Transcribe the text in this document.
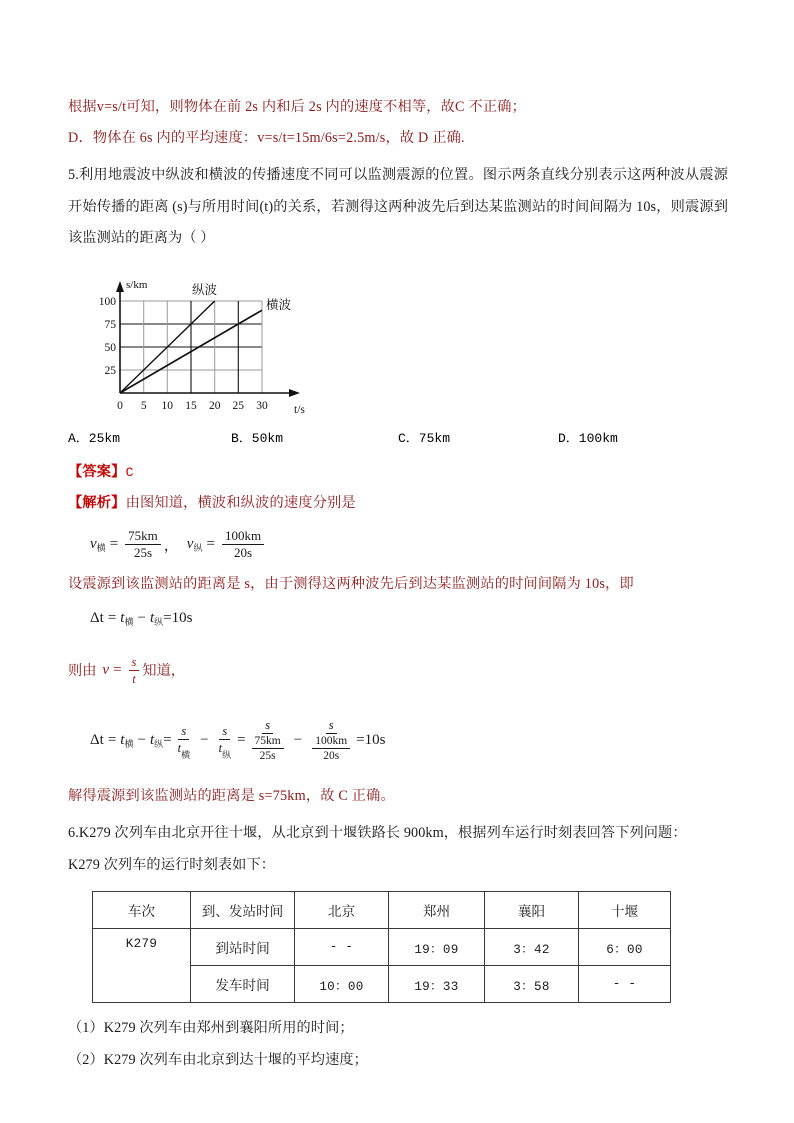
根据v=s/t可知，则物体在前 2s 内和后 2s 内的速度不相等，故C 不正确；
D．物体在 6s 内的平均速度：v=s/t=15m/6s=2.5m/s，故 D 正确.
5.利用地震波中纵波和横波的传播速度不同可以监测震源的位置。图示两条直线分别表示这两种波从震源开始传播的距离 (s)与所用时间(t)的关系，若测得这两种波先后到达某监测站的时间间隔为 10s，则震源到该监测站的距离为（ ）
100
75
50
25
0 5 10 15 20 25 30
s/km
t/s
纵波
横波
A．25km	B．50km	C．75km	D．100km
【答案】C
【解析】由图知道，横波和纵波的速度分别是
v 横 = $\frac{75km}{25s}$ ， v 纵 = $\frac{100km}{20s}$
设震源到该监测站的距离是 s，由于测得这两种波先后到达某监测站的时间间隔为 10s，即
Δt = t 横 − t 纵 =10s
则由 $v = \frac{s}{t}$ 知道，
Δt = t 横 − t 纵 = $\frac{s}{t_横} - \frac{s}{t_纵} = \frac{s}{\frac{75km}{25s}} - \frac{s}{\frac{100km}{20s}} =10s$
解得震源到该监测站的距离是 s=75km，故 C 正确。
6.K279 次列车由北京开往十堰，从北京到十堰铁路长 900km，根据列车运行时刻表回答下列问题：
K279 次列车的运行时刻表如下：
车次	到、发站时间	北京	郑州	襄阳	十堰
K279	到站时间	- -	19：09	3：42	6：00
	发车时间	10：00	19：33	3：58	- -
（1）K279 次列车由郑州到襄阳所用的时间；
（2）K279 次列车由北京到达十堰的平均速度；
